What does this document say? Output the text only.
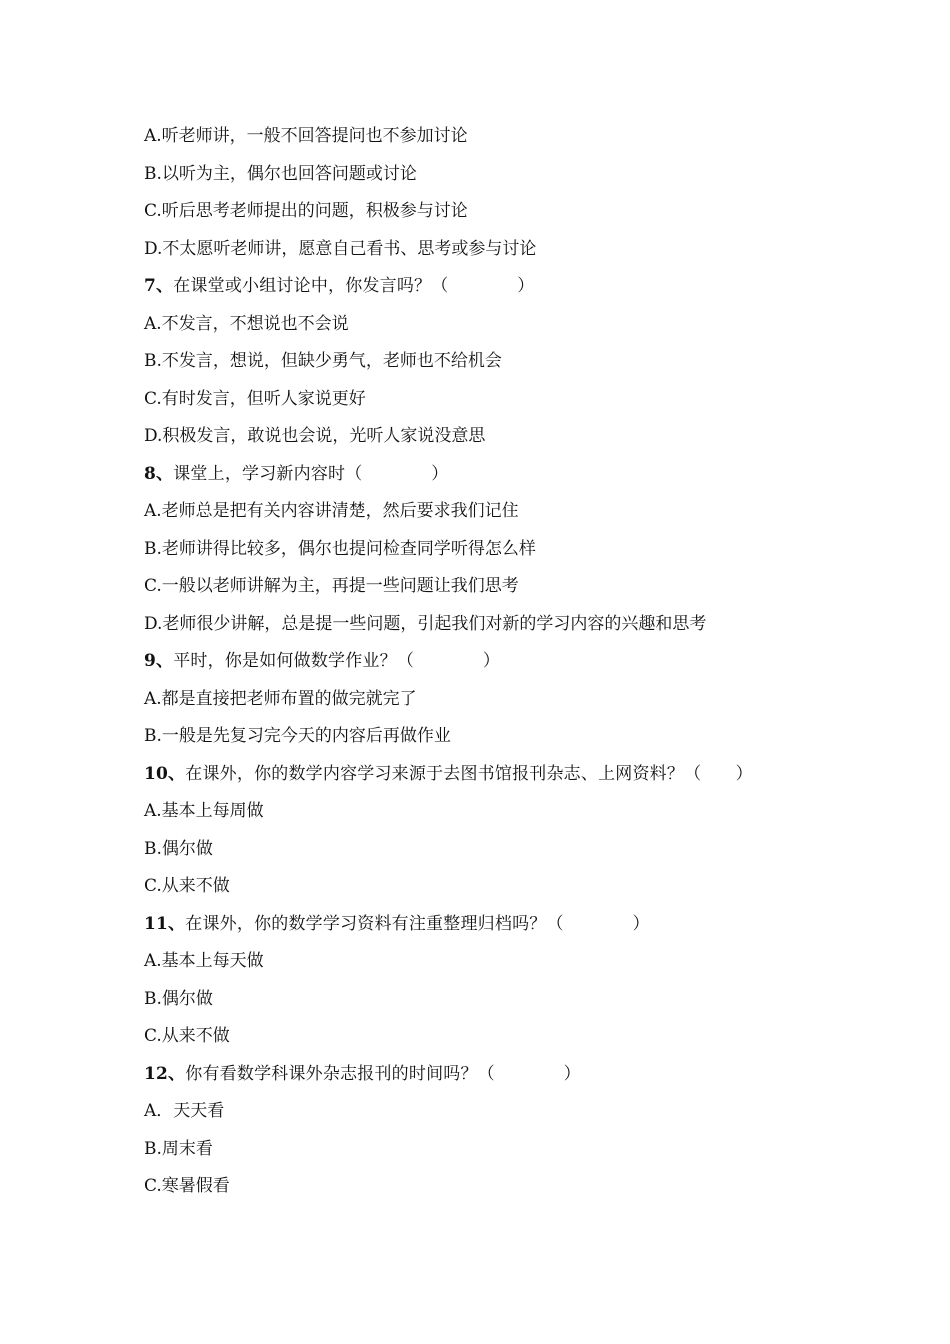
A.听老师讲，一般不回答提问也不参加讨论
B.以听为主，偶尔也回答问题或讨论
C.听后思考老师提出的问题，积极参与讨论
D.不太愿听老师讲，愿意自己看书、思考或参与讨论
7、在课堂或小组讨论中，你发言吗？（　　　　）
A.不发言，不想说也不会说
B.不发言，想说，但缺少勇气，老师也不给机会
C.有时发言，但听人家说更好
D.积极发言，敢说也会说，光听人家说没意思
8、课堂上，学习新内容时（　　　　）
A.老师总是把有关内容讲清楚，然后要求我们记住
B.老师讲得比较多，偶尔也提问检查同学听得怎么样
C.一般以老师讲解为主，再提一些问题让我们思考
D.老师很少讲解，总是提一些问题，引起我们对新的学习内容的兴趣和思考
9、平时，你是如何做数学作业？（　　　　）
A.都是直接把老师布置的做完就完了
B.一般是先复习完今天的内容后再做作业
10、在课外，你的数学内容学习来源于去图书馆报刊杂志、上网资料？（　　）
A.基本上每周做
B.偶尔做
C.从来不做
11、在课外，你的数学学习资料有注重整理归档吗？（　　　　）
A.基本上每天做
B.偶尔做
C.从来不做
12、你有看数学科课外杂志报刊的时间吗？（　　　　）
A．天天看
B.周末看
C.寒暑假看
